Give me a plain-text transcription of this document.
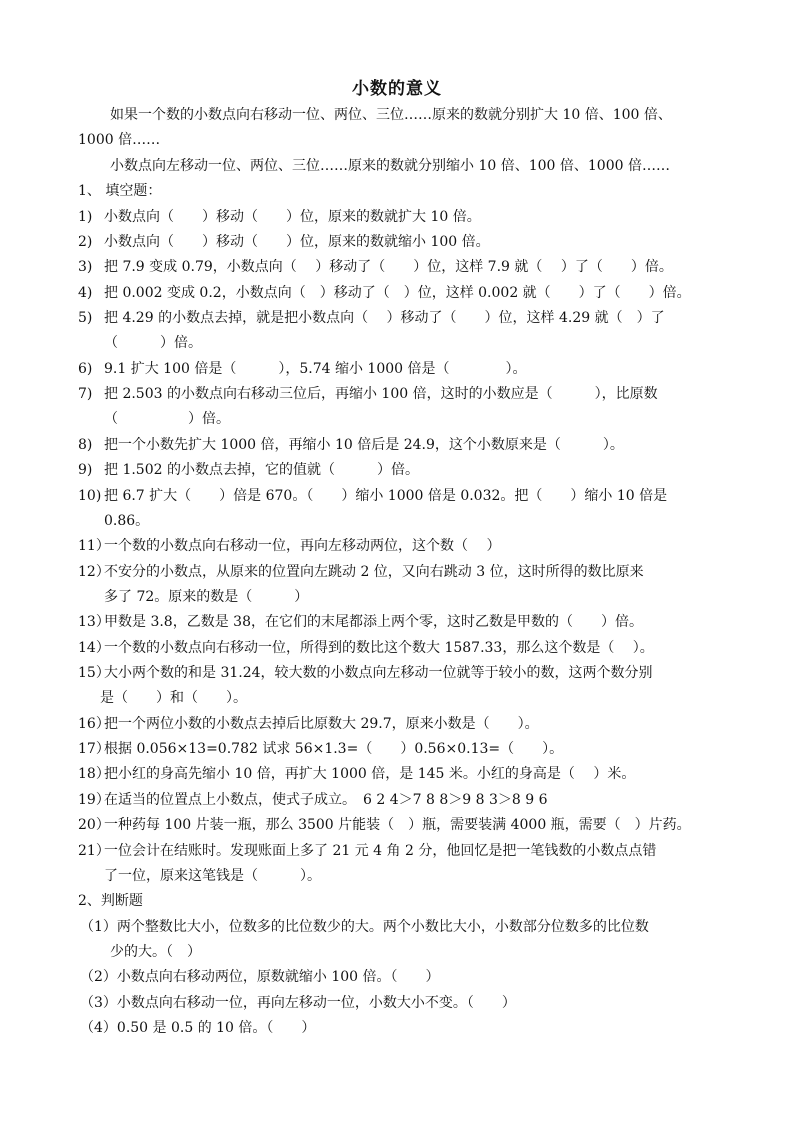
小数的意义
如果一个数的小数点向右移动一位、两位、三位……原来的数就分别扩大 10 倍、100 倍、
1000 倍……
小数点向左移动一位、两位、三位……原来的数就分别缩小 10 倍、100 倍、1000 倍……
1、 填空题：
1) 小数点向（　　）移动（　　）位，原来的数就扩大 10 倍。
2) 小数点向（　　）移动（　　）位，原来的数就缩小 100 倍。
3) 把 7.9 变成 0.79，小数点向（　 ）移动了（　　）位，这样 7.9 就（　 ）了（　　）倍。
4) 把 0.002 变成 0.2，小数点向（　）移动了（　）位，这样 0.002 就（　　）了（　　）倍。
5) 把 4.29 的小数点去掉，就是把小数点向（　 ）移动了（　　）位，这样 4.29 就（　）了
（　　　）倍。
6) 9.1 扩大 100 倍是（　　　），5.74 缩小 1000 倍是（　　　　）。
7) 把 2.503 的小数点向右移动三位后，再缩小 100 倍，这时的小数应是（　　　），比原数
（　　　　　）倍。
8) 把一个小数先扩大 1000 倍，再缩小 10 倍后是 24.9，这个小数原来是（　　　）。
9) 把 1.502 的小数点去掉，它的值就（　　　）倍。
10) 把 6.7 扩大（　　）倍是 670。（　　）缩小 1000 倍是 0.032。把（　　）缩小 10 倍是
0.86。
11）一个数的小数点向右移动一位，再向左移动两位，这个数（　 ）
12）不安分的小数点，从原来的位置向左跳动 2 位，又向右跳动 3 位，这时所得的数比原来
多了 72。原来的数是（　　　）
13）甲数是 3.8，乙数是 38，在它们的末尾都添上两个零，这时乙数是甲数的（　　）倍。
14）一个数的小数点向右移动一位，所得到的数比这个数大 1587.33，那么这个数是（　 ）。
15）大小两个数的和是 31.24，较大数的小数点向左移动一位就等于较小的数，这两个数分别
是（　　）和（　　）。
16）把一个两位小数的小数点去掉后比原数大 29.7，原来小数是（　　）。
17）根据 0.056×13=0.782 试求 56×1.3=（　　）0.56×0.13=（　　）。
18）把小红的身高先缩小 10 倍，再扩大 1000 倍，是 145 米。小红的身高是（　 ）米。
19）在适当的位置点上小数点，使式子成立。　6 2 4＞7 8 8＞9 8 3＞8 9 6
20）一种药每 100 片装一瓶，那么 3500 片能装（　）瓶，需要装满 4000 瓶，需要（　）片药。
21）一位会计在结账时。发现账面上多了 21 元 4 角 2 分，他回忆是把一笔钱数的小数点点错
了一位，原来这笔钱是（　　　）。
2、判断题
（1）两个整数比大小，位数多的比位数少的大。两个小数比大小，小数部分位数多的比位数
少的大。（　）
（2）小数点向右移动两位，原数就缩小 100 倍。（　　）
（3）小数点向右移动一位，再向左移动一位，小数大小不变。（　　）
（4）0.50 是 0.5 的 10 倍。（　　）
